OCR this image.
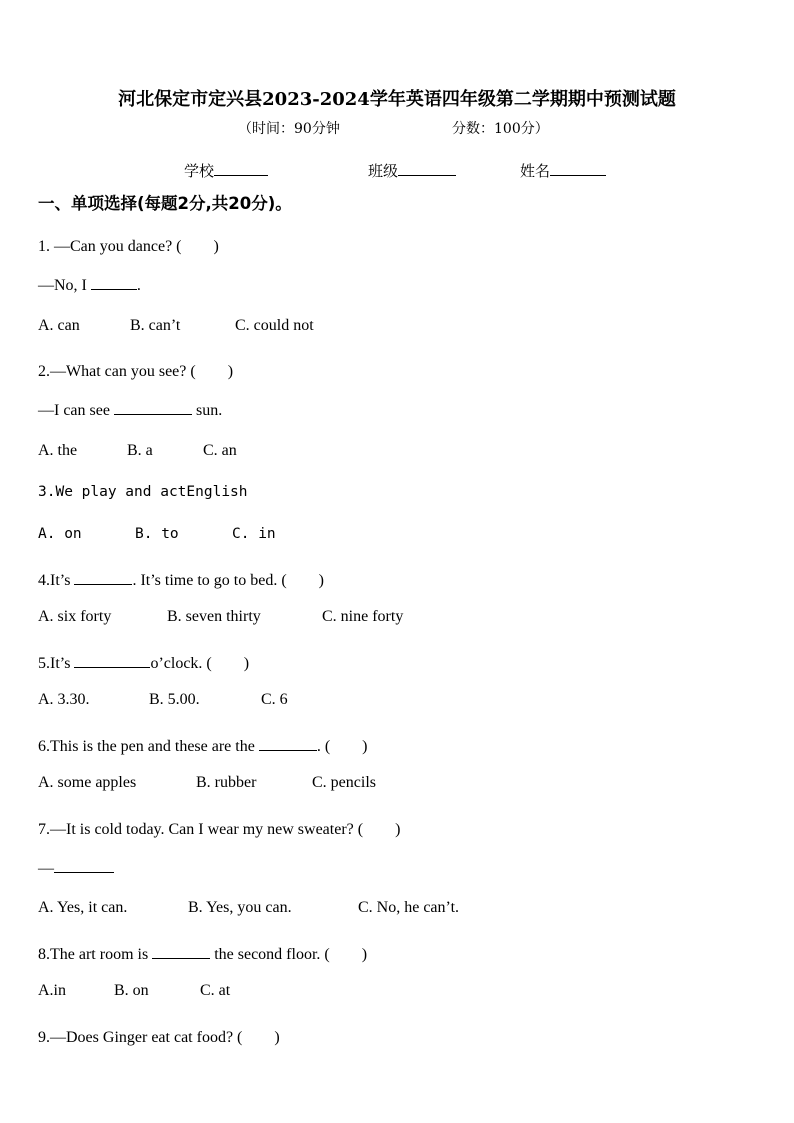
河北保定市定兴县2023-2024学年英语四年级第二学期期中预测试题
（时间：90分钟	分数：100分）
学校	班级	姓名
一、单项选择(每题2分,共20分)。
1. —Can you dance? (　　)
—No, I	.
A. can	B. can’t	C. could not
2.—What can you see? (　　)
—I can see	sun.
A. the	B. a	C. an
3.We play and actEnglish
A. on	B. to	C. in
4.It’s	. It’s time to go to bed. (　　)
A. six forty	B. seven thirty	C. nine forty
5.It’s	o’clock. (　　)
A. 3.30.	B. 5.00.	C. 6
6.This is the pen and these are the	. (　　)
A. some apples	B. rubber	C. pencils
7.—It is cold today. Can I wear my new sweater? (　　)
—
A. Yes, it can.	B. Yes, you can.	C. No, he can’t.
8.The art room is	the second floor. (　　)
A.in	B. on	C. at
9.—Does Ginger eat cat food? (　　)
